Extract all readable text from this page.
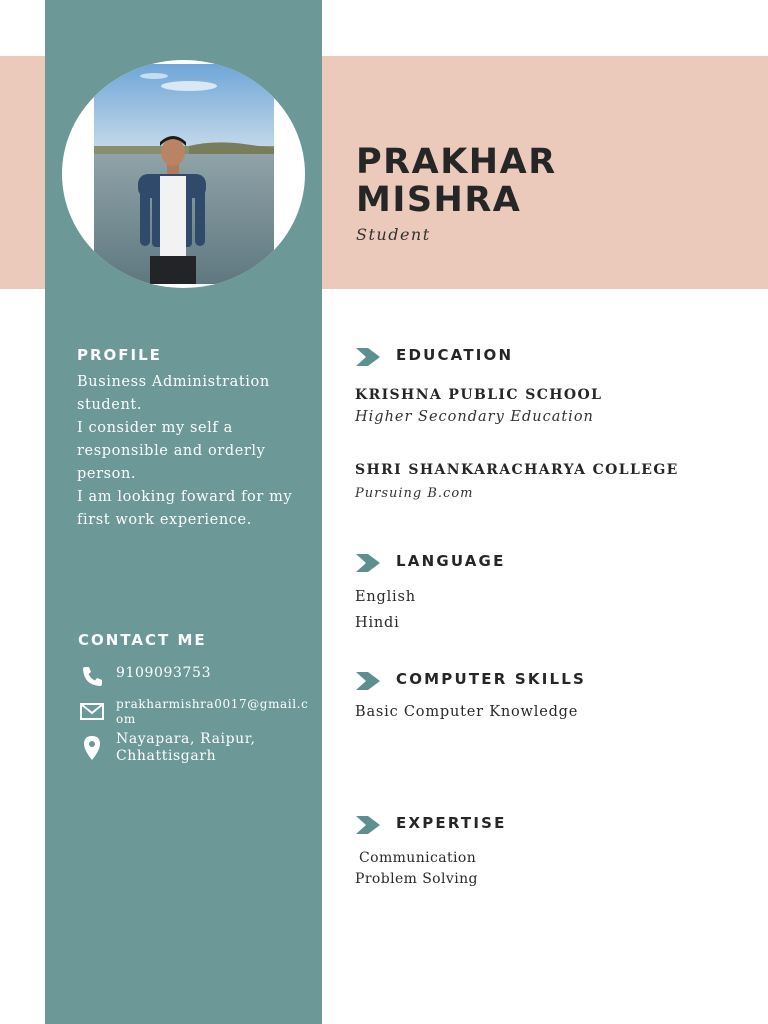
PRAKHAR
MISHRA
Student
PROFILE
Business Administration student.
I consider my self a responsible and orderly person.
I am looking foward for my first work experience.
CONTACT ME
9109093753
prakharmishra0017@gmail.com
Nayapara, Raipur, Chhattisgarh
EDUCATION
KRISHNA PUBLIC SCHOOL
Higher Secondary Education
SHRI SHANKARACHARYA COLLEGE
Pursuing B.com
LANGUAGE
English
Hindi
COMPUTER SKILLS
Basic Computer Knowledge
EXPERTISE
Communication
Problem Solving
